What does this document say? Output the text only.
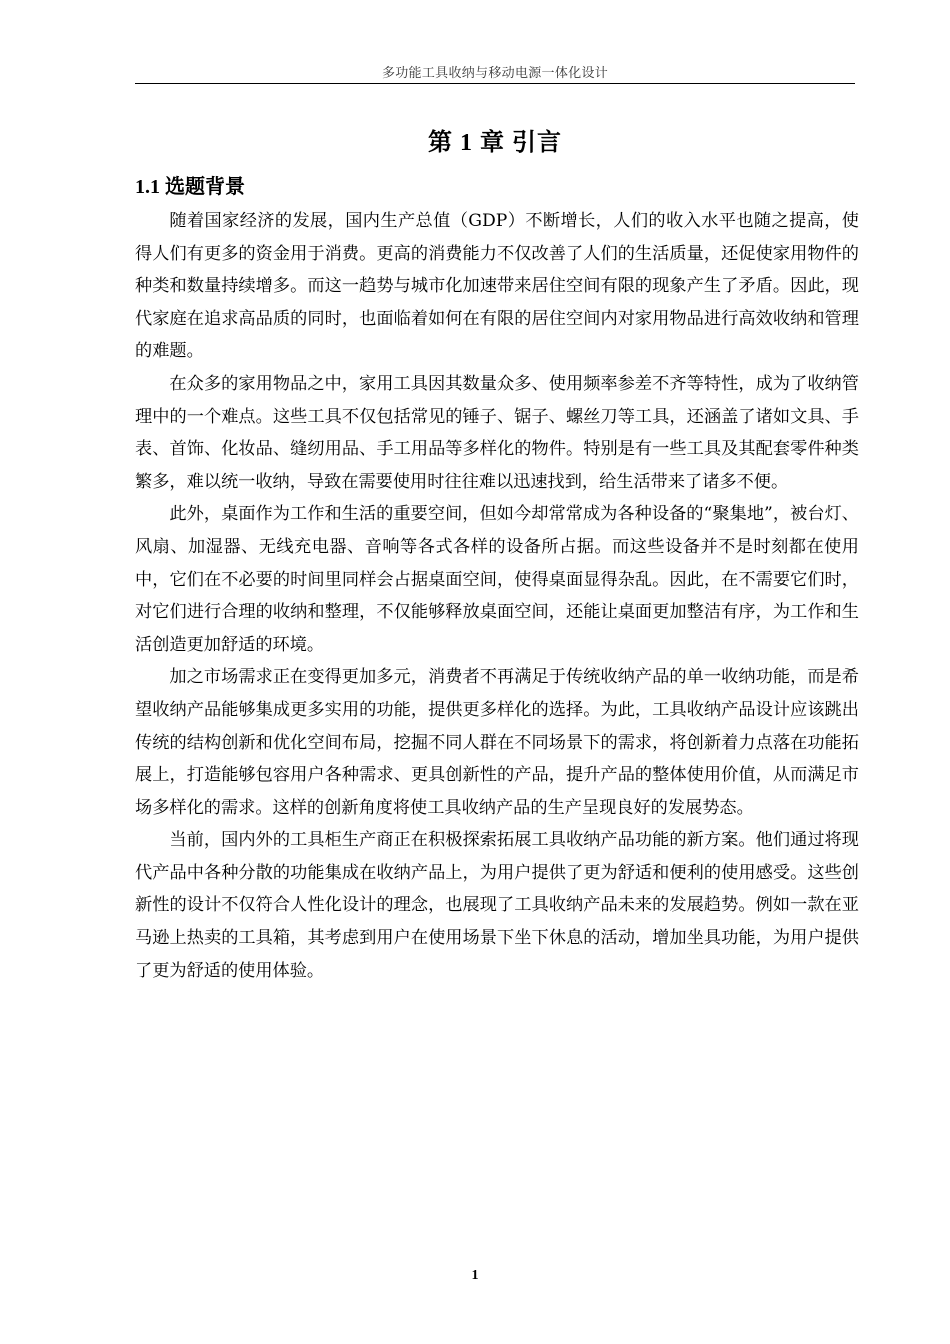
多功能工具收纳与移动电源一体化设计
第 1 章 引言
1.1 选题背景

随着国家经济的发展，国内生产总值（GDP）不断增长，人们的收入水平也随之提高，使得人们有更多的资金用于消费。更高的消费能力不仅改善了人们的生活质量，还促使家用物件的种类和数量持续增多。而这一趋势与城市化加速带来居住空间有限的现象产生了矛盾。因此，现代家庭在追求高品质的同时，也面临着如何在有限的居住空间内对家用物品进行高效收纳和管理的难题。

在众多的家用物品之中，家用工具因其数量众多、使用频率参差不齐等特性，成为了收纳管理中的一个难点。这些工具不仅包括常见的锤子、锯子、螺丝刀等工具，还涵盖了诸如文具、手表、首饰、化妆品、缝纫用品、手工用品等多样化的物件。特别是有一些工具及其配套零件种类繁多，难以统一收纳，导致在需要使用时往往难以迅速找到，给生活带来了诸多不便。

此外，桌面作为工作和生活的重要空间，但如今却常常成为各种设备的“聚集地”，被台灯、风扇、加湿器、无线充电器、音响等各式各样的设备所占据。而这些设备并不是时刻都在使用中，它们在不必要的时间里同样会占据桌面空间，使得桌面显得杂乱。因此，在不需要它们时，对它们进行合理的收纳和整理，不仅能够释放桌面空间，还能让桌面更加整洁有序，为工作和生活创造更加舒适的环境。

加之市场需求正在变得更加多元，消费者不再满足于传统收纳产品的单一收纳功能，而是希望收纳产品能够集成更多实用的功能，提供更多样化的选择。为此，工具收纳产品设计应该跳出传统的结构创新和优化空间布局，挖掘不同人群在不同场景下的需求，将创新着力点落在功能拓展上，打造能够包容用户各种需求、更具创新性的产品，提升产品的整体使用价值，从而满足市场多样化的需求。这样的创新角度将使工具收纳产品的生产呈现良好的发展势态。

当前，国内外的工具柜生产商正在积极探索拓展工具收纳产品功能的新方案。他们通过将现代产品中各种分散的功能集成在收纳产品上，为用户提供了更为舒适和便利的使用感受。这些创新性的设计不仅符合人性化设计的理念，也展现了工具收纳产品未来的发展趋势。例如一款在亚马逊上热卖的工具箱，其考虑到用户在使用场景下坐下休息的活动，增加坐具功能，为用户提供了更为舒适的使用体验。

1
